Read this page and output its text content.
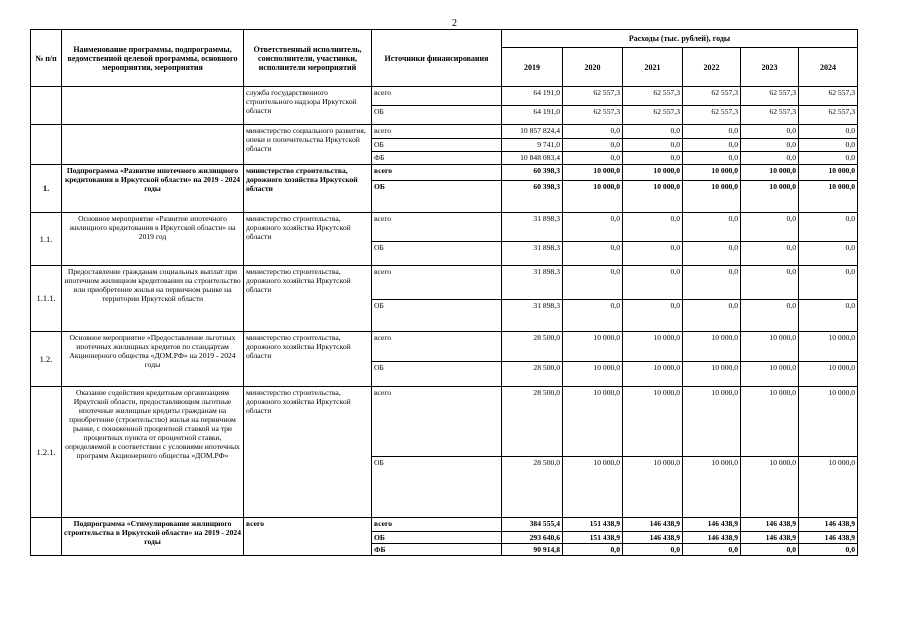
2
№ п/п	Наименование программы, подпрограммы, ведомственной целевой программы, основного мероприятия, мероприятия	Ответственный исполнитель, соисполнители, участники, исполнители мероприятий	Источники финансирования	Расходы (тыс. рублей), годы					
				2019	2020	2021	2022	2023	2024
		служба государственного строительного надзора Иркутской области	всего	64 191,0	62 557,3	62 557,3	62 557,3	62 557,3	62 557,3
			ОБ	64 191,0	62 557,3	62 557,3	62 557,3	62 557,3	62 557,3
		министерство социального развития, опеки и попечительства Иркутской области	всего	10 857 824,4	0,0	0,0	0,0	0,0	0,0
			ОБ	9 741,0	0,0	0,0	0,0	0,0	0,0
			ФБ	10 848 083,4	0,0	0,0	0,0	0,0	0,0
1.	Подпрограмма «Развитие ипотечного жилищного кредитования в Иркутской области» на 2019 - 2024 годы	министерство строительства, дорожного хозяйства Иркутской области	всего	60 398,3	10 000,0	10 000,0	10 000,0	10 000,0	10 000,0
			ОБ	60 398,3	10 000,0	10 000,0	10 000,0	10 000,0	10 000,0
1.1.	Основное мероприятие «Развитие ипотечного жилищного кредитования в Иркутской области» на 2019 год	министерство строительства, дорожного хозяйства Иркутской области	всего	31 898,3	0,0	0,0	0,0	0,0	0,0
			ОБ	31 898,3	0,0	0,0	0,0	0,0	0,0
1.1.1.	Предоставление гражданам социальных выплат при ипотечном жилищном кредитовании на строительство или приобретение жилья на первичном рынке на территории Иркутской области	министерство строительства, дорожного хозяйства Иркутской области	всего	31 898,3	0,0	0,0	0,0	0,0	0,0
			ОБ	31 898,3	0,0	0,0	0,0	0,0	0,0
1.2.	Основное мероприятие «Предоставление льготных ипотечных жилищных кредитов по стандартам Акционерного общества «ДОМ.РФ» на 2019 - 2024 годы	министерство строительства, дорожного хозяйства Иркутской области	всего	28 500,0	10 000,0	10 000,0	10 000,0	10 000,0	10 000,0
			ОБ	28 500,0	10 000,0	10 000,0	10 000,0	10 000,0	10 000,0
1.2.1.	Оказание содействия кредитным организациям Иркутской области, предоставляющим льготные ипотечные жилищные кредиты гражданам на приобретение (строительство) жилья на первичном рынке, с пониженной процентной ставкой на три процентных пункта от процентной ставки, определяемой в соответствии с условиями ипотечных программ Акционерного общества «ДОМ.РФ»	министерство строительства, дорожного хозяйства Иркутской области	всего	28 500,0	10 000,0	10 000,0	10 000,0	10 000,0	10 000,0
			ОБ	28 500,0	10 000,0	10 000,0	10 000,0	10 000,0	10 000,0
	Подпрограмма «Стимулирование жилищного строительства в Иркутской области» на 2019 - 2024 годы	всего	всего	384 555,4	151 438,9	146 438,9	146 438,9	146 438,9	146 438,9
			ОБ	293 640,6	151 438,9	146 438,9	146 438,9	146 438,9	146 438,9
			ФБ	90 914,8	0,0	0,0	0,0	0,0	0,0
